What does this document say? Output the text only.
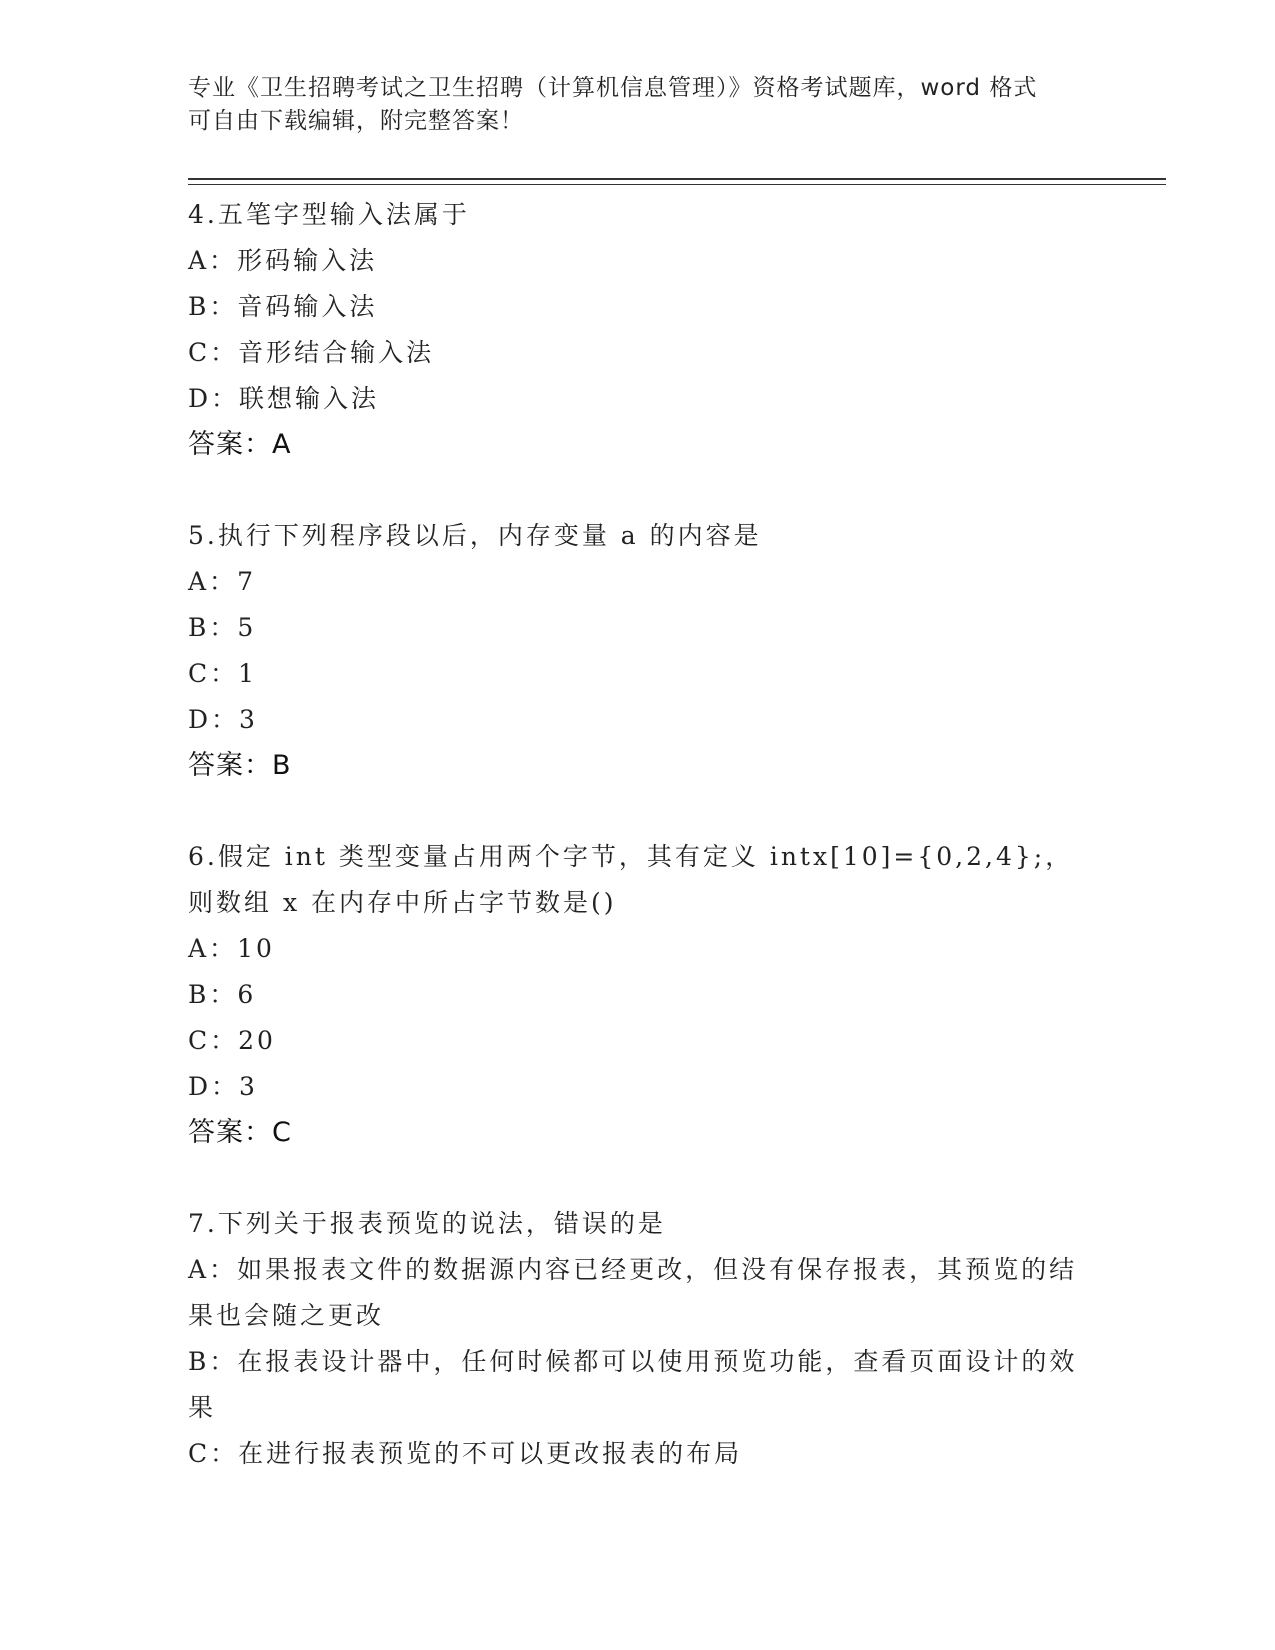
专业《卫生招聘考试之卫生招聘（计算机信息管理）》资格考试题库，word 格式
可自由下载编辑，附完整答案！
4.五笔字型输入法属于
A：形码输入法
B：音码输入法
C：音形结合输入法
D：联想输入法
答案：A
5.执行下列程序段以后，内存变量 a 的内容是
A：7
B：5
C：1
D：3
答案：B
6.假定 int 类型变量占用两个字节，其有定义 intx[10]={0,2,4};，则数组 x 在内存中所占字节数是()
A：10
B：6
C：20
D：3
答案：C
7.下列关于报表预览的说法，错误的是
A：如果报表文件的数据源内容已经更改，但没有保存报表，其预览的结果也会随之更改
B：在报表设计器中，任何时候都可以使用预览功能，查看页面设计的效果
C：在进行报表预览的不可以更改报表的布局
